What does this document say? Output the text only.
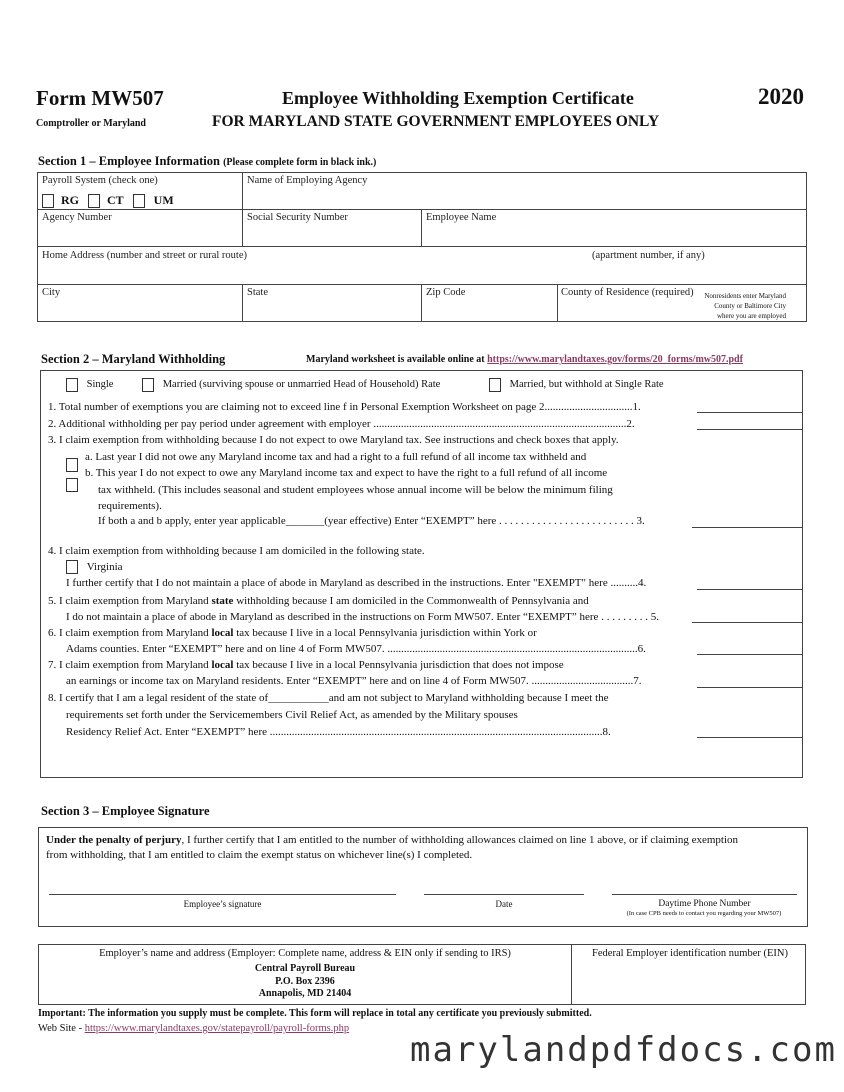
Form MW507
Comptroller or Maryland
Employee Withholding Exemption Certificate
FOR MARYLAND STATE GOVERNMENT EMPLOYEES ONLY
2020
Section 1 – Employee Information (Please complete form in black ink.)
Payroll System (check one)
RG CT	UM
Name of Employing Agency
Agency Number	Social Security Number	Employee Name
Home Address (number and street or rural route)	(apartment number, if any)
City	State	Zip Code	County of Residence (required)	Nonresidents enter Maryland
County or Baltimore City
where you are employed
Section 2 – Maryland Withholding	Maryland worksheet is available online at https://www.marylandtaxes.gov/forms/20_forms/mw507.pdf
Single	Married (surviving spouse or unmarried Head of Household) Rate	Married, but withhold at Single Rate
1. Total number of exemptions you are claiming not to exceed line f in Personal Exemption Worksheet on page 2................................1.
2. Additional withholding per pay period under agreement with employer ............................................................................................2.
3. I claim exemption from withholding because I do not expect to owe Maryland tax. See instructions and check boxes that apply.
a. Last year I did not owe any Maryland income tax and had a right to a full refund of all income tax withheld and
b. This year I do not expect to owe any Maryland income tax and expect to have the right to a full refund of all income
tax withheld. (This includes seasonal and student employees whose annual income will be below the minimum filing
requirements).
If both a and b apply, enter year applicable_______(year effective) Enter “EXEMPT” here . . . . . . . . . . . . . . . . . . . . . . . . . 3.
4. I claim exemption from withholding because I am domiciled in the following state.
Virginia
I further certify that I do not maintain a place of abode in Maryland as described in the instructions. Enter "EXEMPT" here ..........4.
5. I claim exemption from Maryland state withholding because I am domiciled in the Commonwealth of Pennsylvania and
I do not maintain a place of abode in Maryland as described in the instructions on Form MW507. Enter “EXEMPT” here . . . . . . . . . 5.
6. I claim exemption from Maryland local tax because I live in a local Pennsylvania jurisdiction within York or
Adams counties. Enter “EXEMPT” here and on line 4 of Form MW507. ...........................................................................................6.
7. I claim exemption from Maryland local tax because I live in a local Pennsylvania jurisdiction that does not impose
an earnings or income tax on Maryland residents. Enter “EXEMPT” here and on line 4 of Form MW507. .....................................7.
8. I certify that I am a legal resident of the state of___________and am not subject to Maryland withholding because I meet the
requirements set forth under the Servicemembers Civil Relief Act, as amended by the Military spouses
Residency Relief Act. Enter “EXEMPT” here .........................................................................................................................8.
Section 3 – Employee Signature
Under the penalty of perjury, I further certify that I am entitled to the number of withholding allowances claimed on line 1 above, or if claiming exemption
from withholding, that I am entitled to claim the exempt status on whichever line(s) I completed.
Employee’s signature	Date	Daytime Phone Number
(In case CPB needs to contact you regarding your MW507)
Employer’s name and address (Employer: Complete name, address & EIN only if sending to IRS)
Central Payroll Bureau
P.O. Box 2396
Annapolis, MD 21404
Federal Employer identification number (EIN)
Important: The information you supply must be complete. This form will replace in total any certificate you previously submitted.
Web Site - https://www.marylandtaxes.gov/statepayroll/payroll-forms.php
marylandpdfdocs.com
